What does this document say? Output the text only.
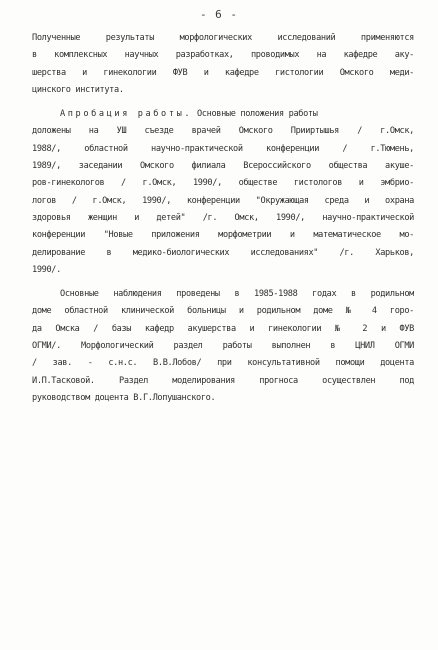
- 6 -
Полученные результаты морфологических исследований применяются
в комплексных научных разработках, проводимых на кафедре аку-
шерства и гинекологии ФУВ и кафедре гистологии Омского меди-
цинского института.
Апробация работы. Основные положения работы
доложены на УШ съезде врачей Омского Прииртышья / г.Омск,
1988/, областной научно-практической конференции / г.Тюмень,
1989/, заседании Омского филиала Всероссийского общества акуше-
ров-гинекологов / г.Омск, 1990/, обществе гистологов и эмбрио-
логов / г.Омск, 1990/, конференции "Окружающая среда и охрана
здоровья женщин и детей" /г. Омск, 1990/, научно-практической
конференции "Новые приложения морфометрии и математическое мо-
делирование в медико-биологических исследованиях" /г. Харьков,
1990/.
Основные наблюдения проведены в 1985-1988 годах в родильном
доме областной клинической больницы и родильном доме № 4 горо-
да Омска / базы кафедр акушерства и гинекологии № 2 и ФУВ
ОГМИ/. Морфологический раздел работы выполнен в ЦНИЛ ОГМИ
/ зав. - с.н.с. В.В.Лобов/ при консультативной помощи доцента
И.П.Тасковой. Раздел моделирования прогноса осуществлен под
руководством доцента В.Г.Лопушанского.
